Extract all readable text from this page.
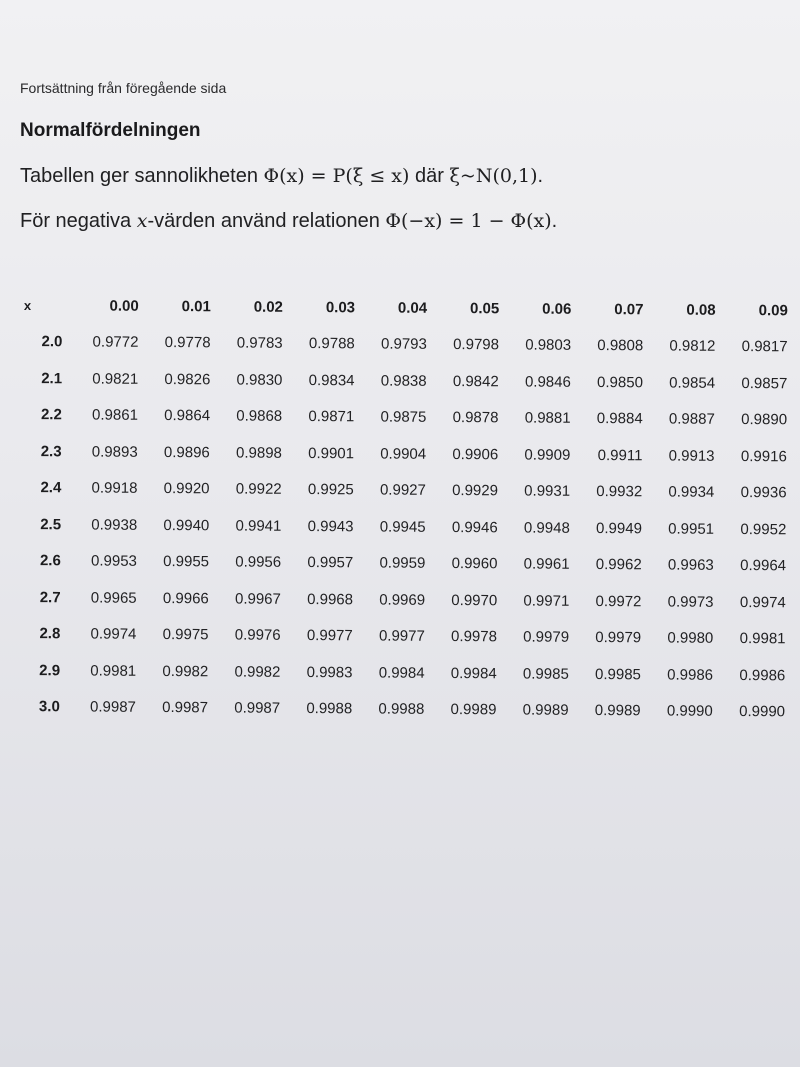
Fortsättning från föregående sida
Normalfördelningen
Tabellen ger sannolikheten Φ(x) = P(ξ ≤ x) där ξ~N(0,1).
För negativa x-värden använd relationen Φ(−x) = 1 − Φ(x).
x	0.00	0.01	0.02	0.03	0.04	0.05	0.06	0.07	0.08	0.09
2.0	0.9772	0.9778	0.9783	0.9788	0.9793	0.9798	0.9803	0.9808	0.9812	0.9817
2.1	0.9821	0.9826	0.9830	0.9834	0.9838	0.9842	0.9846	0.9850	0.9854	0.9857
2.2	0.9861	0.9864	0.9868	0.9871	0.9875	0.9878	0.9881	0.9884	0.9887	0.9890
2.3	0.9893	0.9896	0.9898	0.9901	0.9904	0.9906	0.9909	0.9911	0.9913	0.9916
2.4	0.9918	0.9920	0.9922	0.9925	0.9927	0.9929	0.9931	0.9932	0.9934	0.9936
2.5	0.9938	0.9940	0.9941	0.9943	0.9945	0.9946	0.9948	0.9949	0.9951	0.9952
2.6	0.9953	0.9955	0.9956	0.9957	0.9959	0.9960	0.9961	0.9962	0.9963	0.9964
2.7	0.9965	0.9966	0.9967	0.9968	0.9969	0.9970	0.9971	0.9972	0.9973	0.9974
2.8	0.9974	0.9975	0.9976	0.9977	0.9977	0.9978	0.9979	0.9979	0.9980	0.9981
2.9	0.9981	0.9982	0.9982	0.9983	0.9984	0.9984	0.9985	0.9985	0.9986	0.9986
3.0	0.9987	0.9987	0.9987	0.9988	0.9988	0.9989	0.9989	0.9989	0.9990	0.9990
